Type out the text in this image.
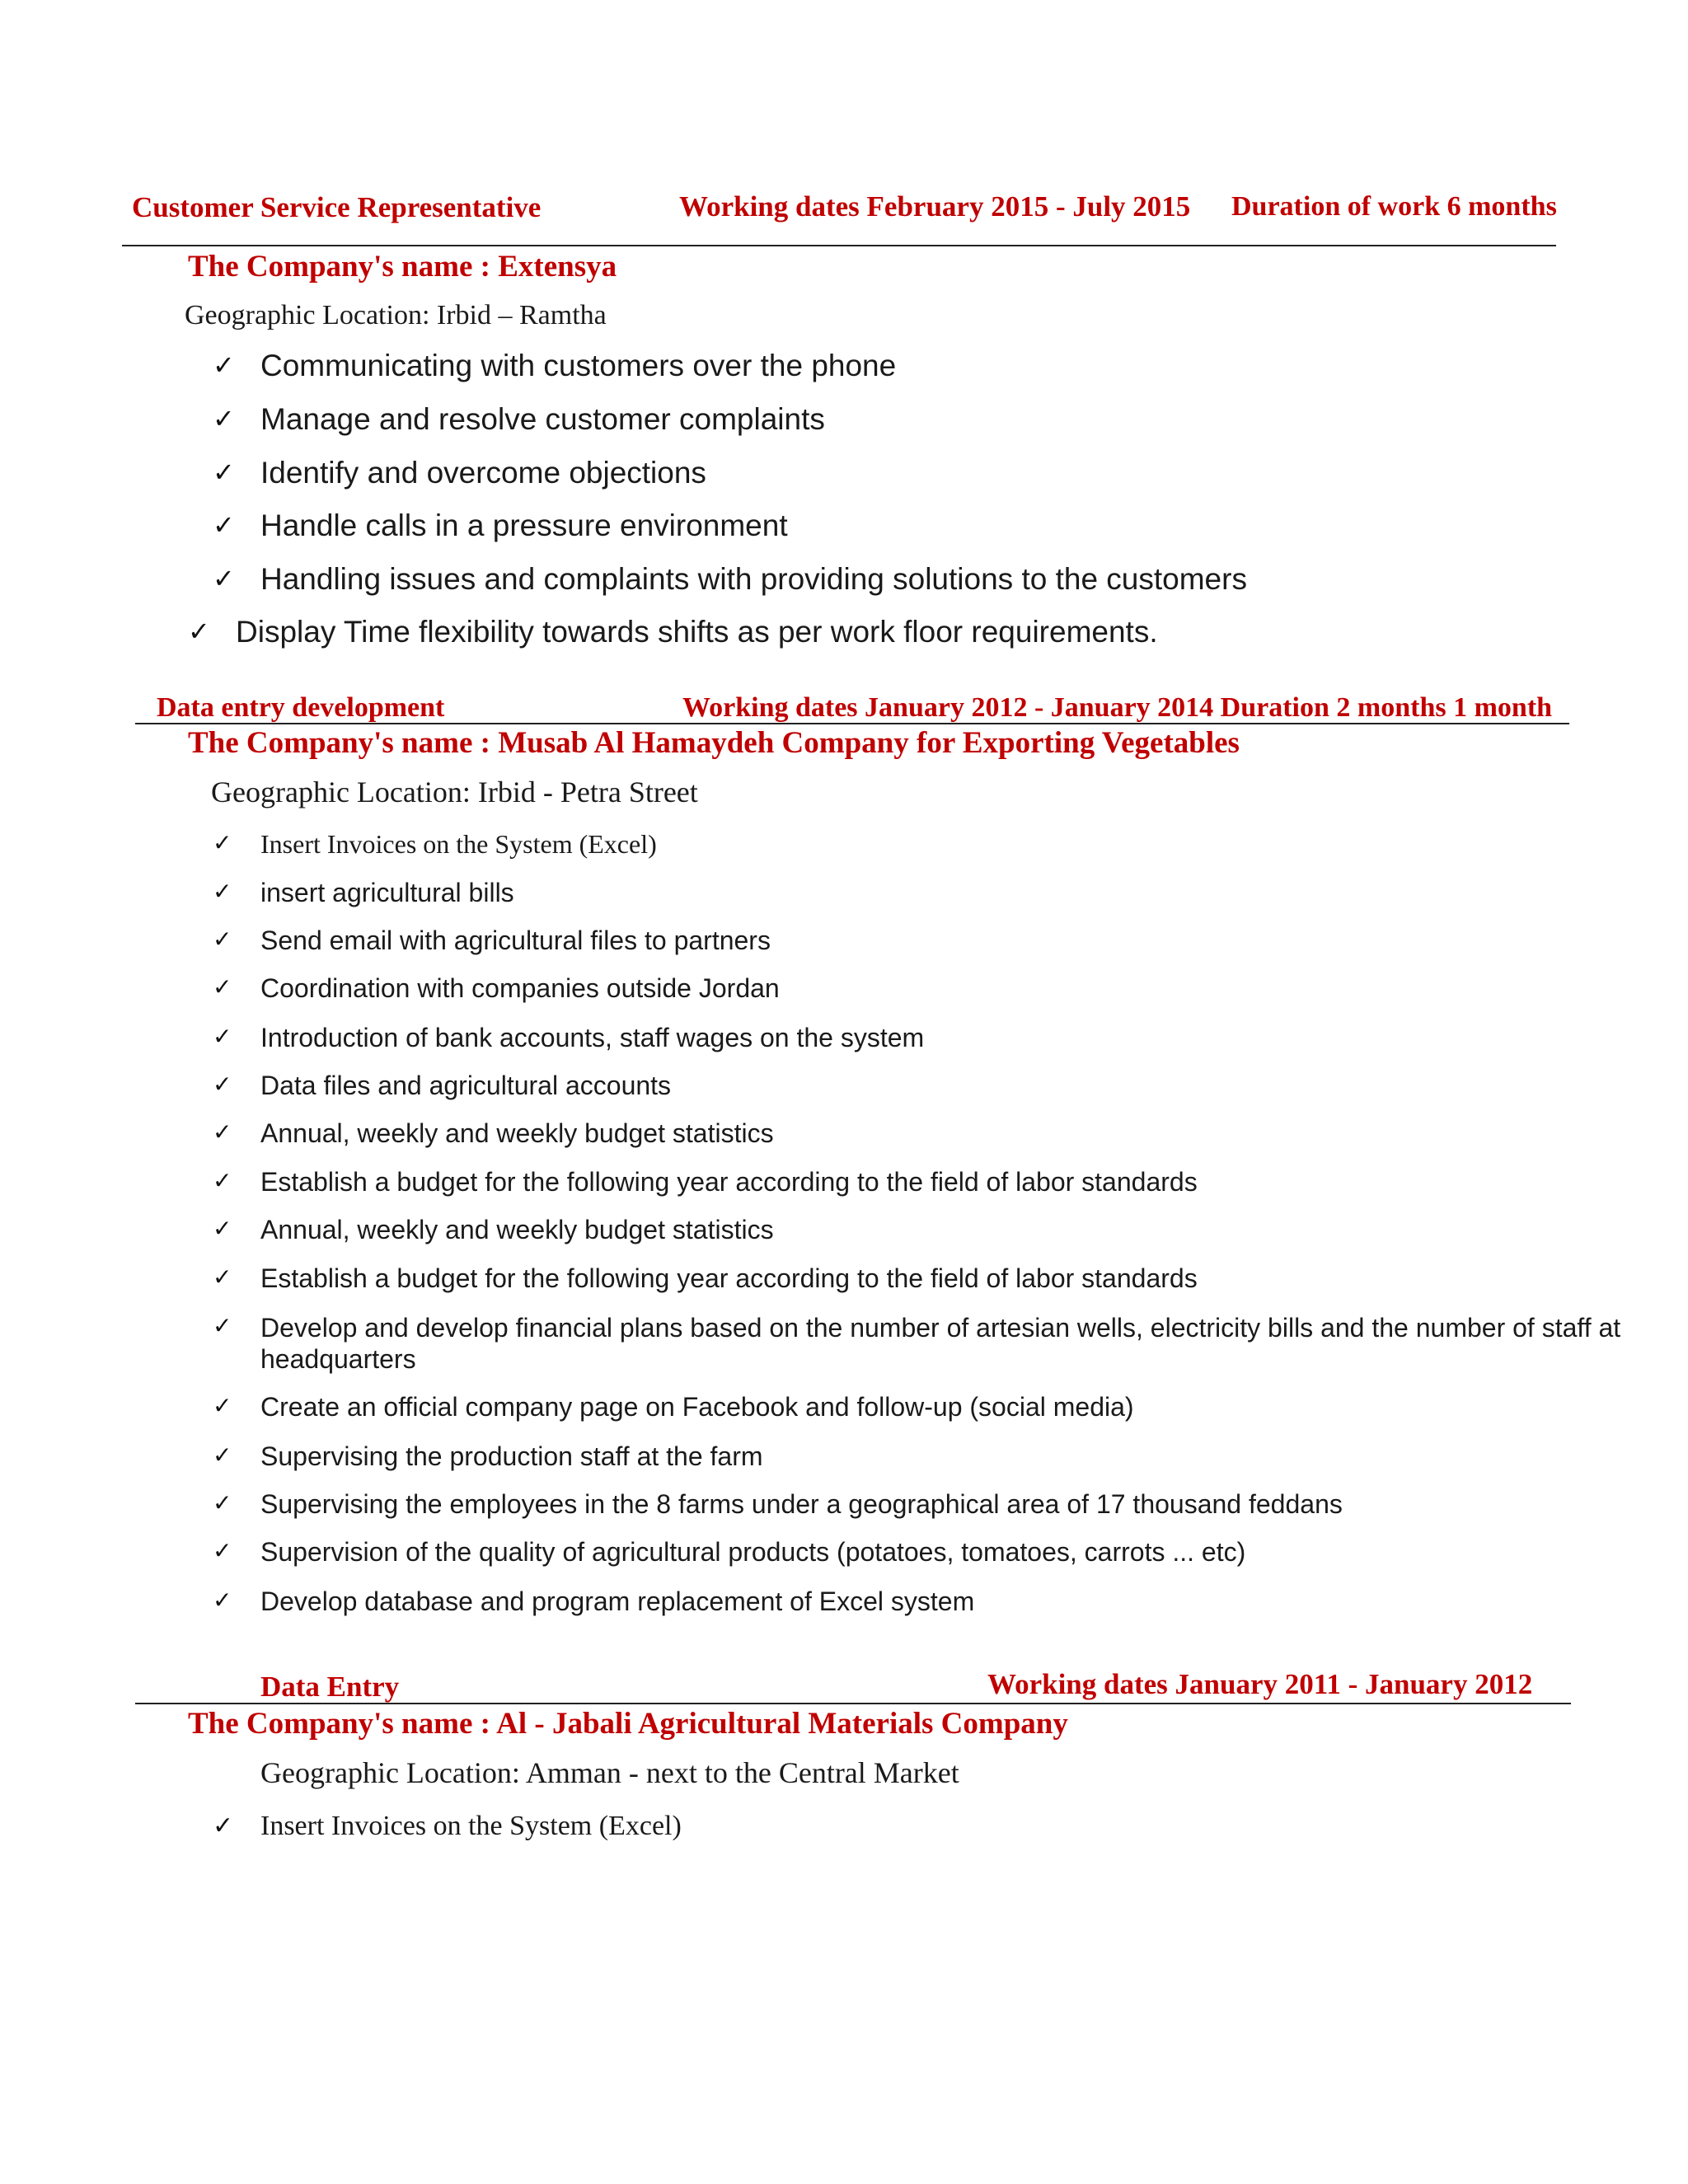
Customer Service Representative	Working dates February 2015 - July 2015 Duration of work 6 months
The Company's name : Extensya
Geographic Location: Irbid – Ramtha
✓ Communicating with customers over the phone
✓ Manage and resolve customer complaints
✓ Identify and overcome objections
✓ Handle calls in a pressure environment
✓ Handling issues and complaints with providing solutions to the customers
✓ Display Time flexibility towards shifts as per work floor requirements.
Data entry development	Working dates January 2012 - January 2014 Duration 2 months 1 month
The Company's name : Musab Al Hamaydeh Company for Exporting Vegetables
Geographic Location: Irbid - Petra Street
✓ Insert Invoices on the System (Excel)
✓ insert agricultural bills
✓ Send email with agricultural files to partners
✓ Coordination with companies outside Jordan
✓ Introduction of bank accounts, staff wages on the system
✓ Data files and agricultural accounts
✓ Annual, weekly and weekly budget statistics
✓ Establish a budget for the following year according to the field of labor standards
✓ Annual, weekly and weekly budget statistics
✓ Establish a budget for the following year according to the field of labor standards
✓ Develop and develop financial plans based on the number of artesian wells, electricity bills and the number of staff at headquarters
✓ Create an official company page on Facebook and follow-up (social media)
✓ Supervising the production staff at the farm
✓ Supervising the employees in the 8 farms under a geographical area of 17 thousand feddans
✓ Supervision of the quality of agricultural products (potatoes, tomatoes, carrots ... etc)
✓ Develop database and program replacement of Excel system
Data Entry	Working dates January 2011 - January 2012
The Company's name : Al - Jabali Agricultural Materials Company
Geographic Location: Amman - next to the Central Market
✓ Insert Invoices on the System (Excel)
